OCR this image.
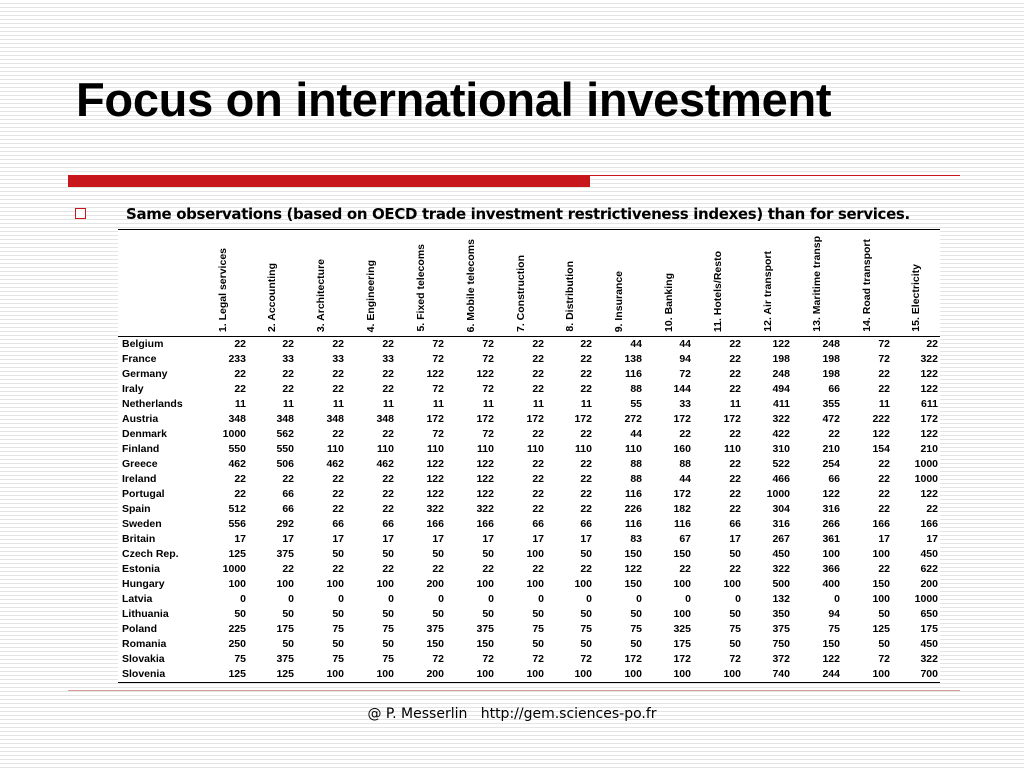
Focus on international investment
Same observations (based on OECD trade investment restrictiveness indexes) than for services.

	1. Legal services	2. Accounting	3. Architecture	4. Engineering	5. Fixed telecoms	6. Mobile telecoms	7. Construction	8. Distribution	9. Insurance	10. Banking	11. Hotels/Resto	12. Air transport	13. Maritime transp	14. Road transport	15. Electricity

Belgium	22	22	22	22	72	72	22	22	44	44	22	122	248	72	22
France	233	33	33	33	72	72	22	22	138	94	22	198	198	72	322
Germany	22	22	22	22	122	122	22	22	116	72	22	248	198	22	122
Iraly	22	22	22	22	72	72	22	22	88	144	22	494	66	22	122
Netherlands	11	11	11	11	11	11	11	11	55	33	11	411	355	11	611
Austria	348	348	348	348	172	172	172	172	272	172	172	322	472	222	172
Denmark	1000	562	22	22	72	72	22	22	44	22	22	422	22	122	122
Finland	550	550	110	110	110	110	110	110	110	160	110	310	210	154	210
Greece	462	506	462	462	122	122	22	22	88	88	22	522	254	22	1000
Ireland	22	22	22	22	122	122	22	22	88	44	22	466	66	22	1000
Portugal	22	66	22	22	122	122	22	22	116	172	22	1000	122	22	122
Spain	512	66	22	22	322	322	22	22	226	182	22	304	316	22	22
Sweden	556	292	66	66	166	166	66	66	116	116	66	316	266	166	166
Britain	17	17	17	17	17	17	17	17	83	67	17	267	361	17	17
Czech Rep.	125	375	50	50	50	50	100	50	150	150	50	450	100	100	450
Estonia	1000	22	22	22	22	22	22	22	122	22	22	322	366	22	622
Hungary	100	100	100	100	200	100	100	100	150	100	100	500	400	150	200
Latvia	0	0	0	0	0	0	0	0	0	0	0	132	0	100	1000
Lithuania	50	50	50	50	50	50	50	50	50	100	50	350	94	50	650
Poland	225	175	75	75	375	375	75	75	75	325	75	375	75	125	175
Romania	250	50	50	50	150	150	50	50	50	175	50	750	150	50	450
Slovakia	75	375	75	75	72	72	72	72	172	172	72	372	122	72	322
Slovenia	125	125	100	100	200	100	100	100	100	100	100	740	244	100	700
@ P. Messerlin   http://gem.sciences-po.fr
